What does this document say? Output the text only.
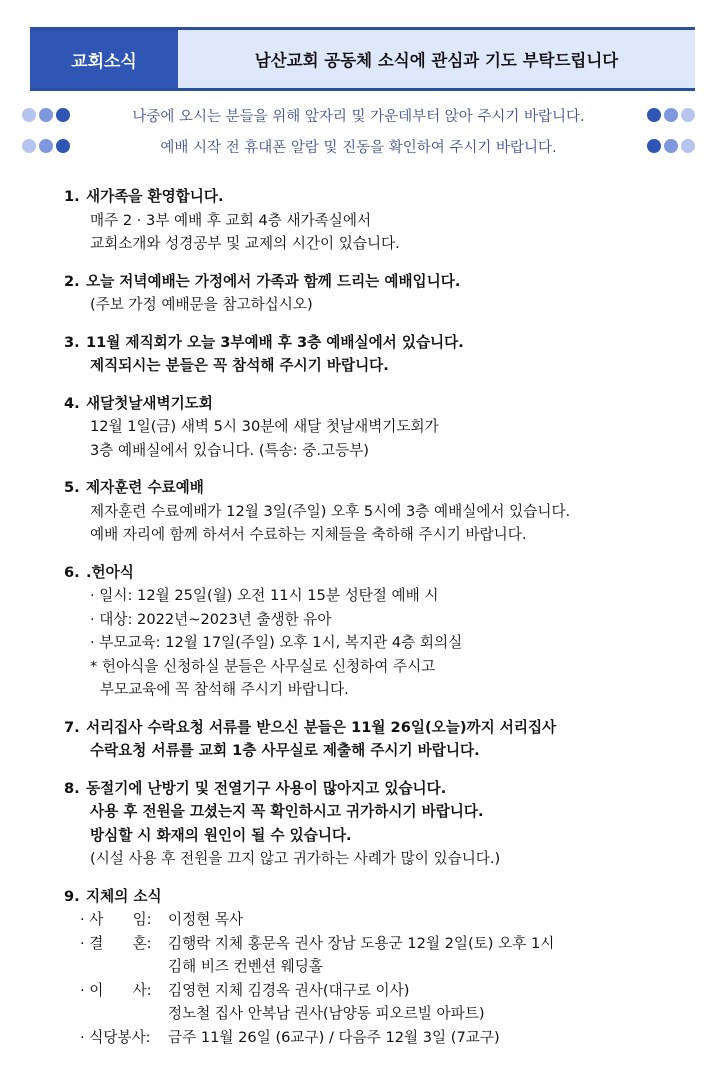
교회소식	남산교회 공동체 소식에 관심과 기도 부탁드립니다
나중에 오시는 분들을 위해 앞자리 및 가운데부터 앉아 주시기 바랍니다.
예배 시작 전 휴대폰 알람 및 진동을 확인하여 주시기 바랍니다.
1. 새가족을 환영합니다.
매주 2 · 3부 예배 후 교회 4층 새가족실에서
교회소개와 성경공부 및 교제의 시간이 있습니다.
2. 오늘 저녁예배는 가정에서 가족과 함께 드리는 예배입니다.
(주보 가정 예배문을 참고하십시오)
3. 11월 제직회가 오늘 3부예배 후 3층 예배실에서 있습니다.
제직되시는 분들은 꼭 참석해 주시기 바랍니다.
4. 새달첫날새벽기도회
12월 1일(금) 새벽 5시 30분에 새달 첫날새벽기도회가
3층 예배실에서 있습니다. (특송: 중.고등부)
5. 제자훈련 수료예배
제자훈련 수료예배가 12월 3일(주일) 오후 5시에 3층 예배실에서 있습니다.
예배 자리에 함께 하셔서 수료하는 지체들을 축하해 주시기 바랍니다.
6. .헌아식
· 일시: 12월 25일(월) 오전 11시 15분 성탄절 예배 시
· 대상: 2022년~2023년 출생한 유아
· 부모교육: 12월 17일(주일) 오후 1시, 복지관 4층 회의실
* 헌아식을 신청하실 분들은 사무실로 신청하여 주시고
부모교육에 꼭 참석해 주시기 바랍니다.
7. 서리집사 수락요청 서류를 받으신 분들은 11월 26일(오늘)까지 서리집사
수락요청 서류를 교회 1층 사무실로 제출해 주시기 바랍니다.
8. 동절기에 난방기 및 전열기구 사용이 많아지고 있습니다.
사용 후 전원을 끄셨는지 꼭 확인하시고 귀가하시기 바랍니다.
방심할 시 화재의 원인이 될 수 있습니다.
(시설 사용 후 전원을 끄지 않고 귀가하는 사례가 많이 있습니다.)
9. 지체의 소식
· 사　　임:	이정현 목사
· 결　　혼:	김행락 지체 홍문옥 권사 장남 도용군 12월 2일(토) 오후 1시
김해 비즈 컨벤션 웨딩홀
· 이　　사:	김영현 지체 김경옥 권사(대구로 이사)
정노철 집사 안복남 권사(남양동 피오르빌 아파트)
· 식당봉사:	금주 11월 26일 (6교구) / 다음주 12월 3일 (7교구)
